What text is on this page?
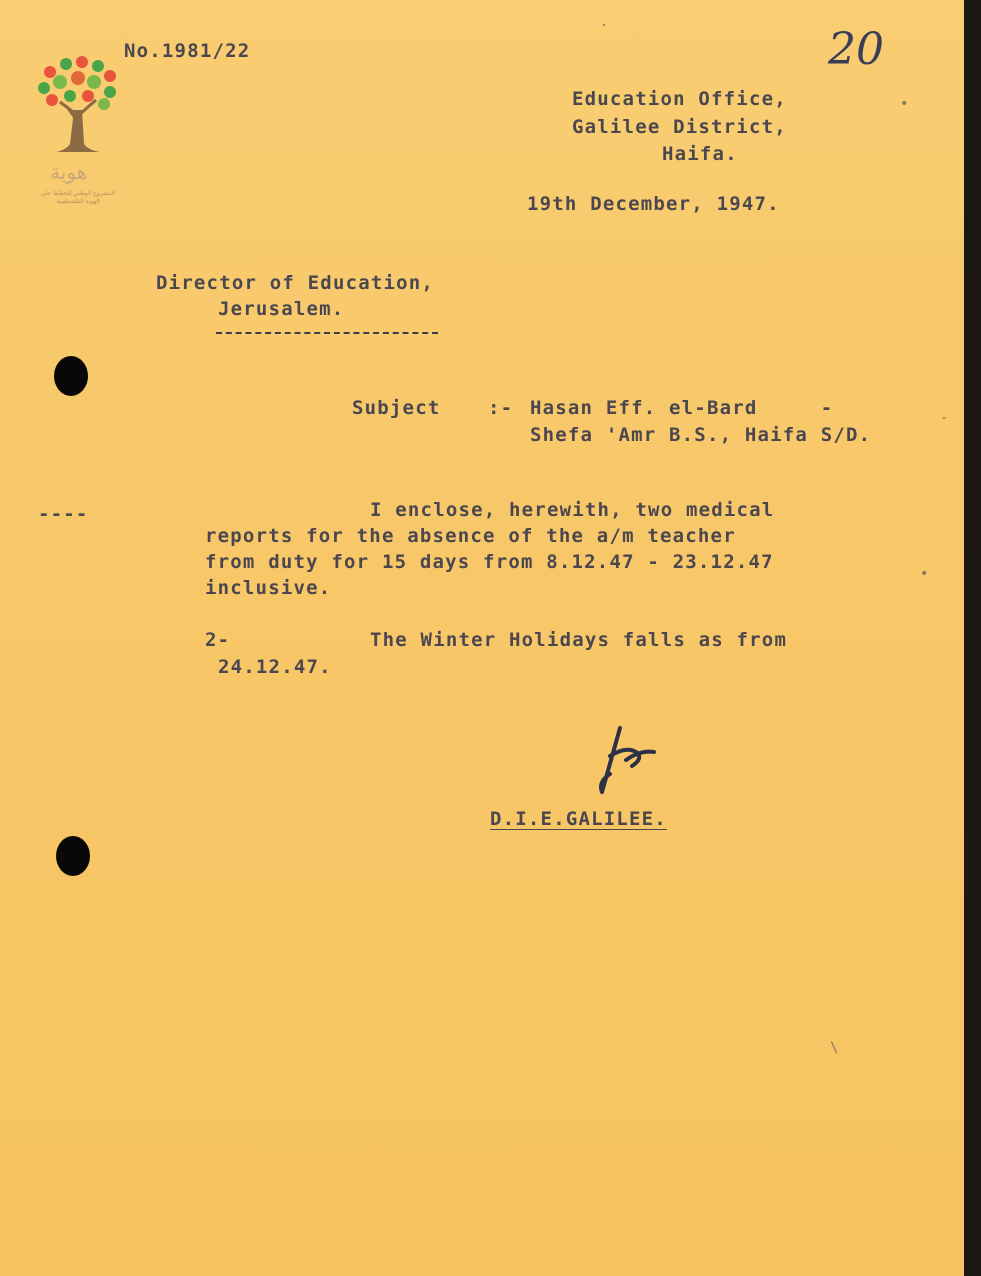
هوية
المشروع الوطني للحفاظ على
الهوية الفلسطينية
No.1981/22	20
Education Office,
Galilee District,
Haifa.
19th December, 1947.
Director of Education,
Jerusalem.
Subject	:- Hasan Eff. el-Bard     -
Shefa 'Amr B.S., Haifa S/D.
----	I enclose, herewith, two medical
reports for the absence of the a/m teacher
from duty for 15 days from 8.12.47 - 23.12.47
inclusive.
2-	The Winter Holidays falls as from
24.12.47.
D.I.E.GALILEE.
·
•
-
•
\
